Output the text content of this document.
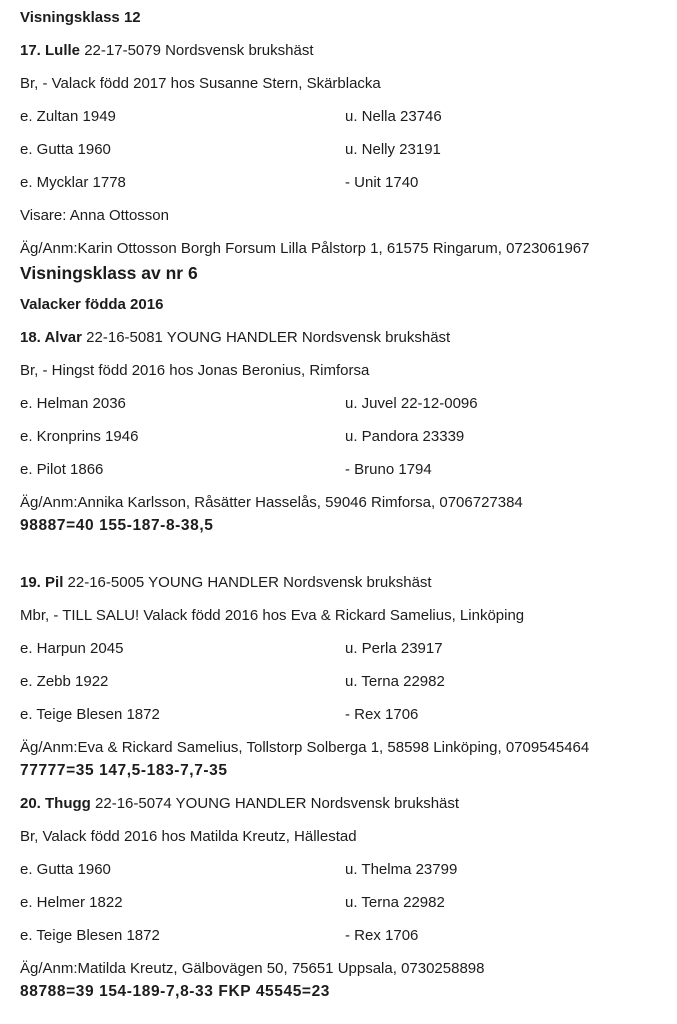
Visningsklass 12

17. Lulle 22-17-5079 Nordsvensk brukshäst

Br, - Valack född 2017 hos Susanne Stern, Skärblacka

e. Zultan 1949	u. Nella 23746
e. Gutta 1960	u. Nelly 23191
e. Mycklar 1778	- Unit 1740

Visare: Anna Ottosson

Äg/Anm:Karin Ottosson Borgh Forsum Lilla Pålstorp 1, 61575 Ringarum, 0723061967

Visningsklass av nr 6

Valacker födda 2016

18. Alvar 22-16-5081 YOUNG HANDLER Nordsvensk brukshäst

Br, - Hingst född 2016 hos Jonas Beronius, Rimforsa

e. Helman 2036	u. Juvel 22-12-0096
e. Kronprins 1946	u. Pandora 23339
e. Pilot 1866	- Bruno 1794

Äg/Anm:Annika Karlsson, Råsätter Hasselås, 59046 Rimforsa, 0706727384

98887=40 155-187-8-38,5

19. Pil 22-16-5005 YOUNG HANDLER Nordsvensk brukshäst

Mbr, - TILL SALU! Valack född 2016 hos Eva & Rickard Samelius, Linköping

e. Harpun 2045	u. Perla 23917
e. Zebb 1922	u. Terna 22982
e. Teige Blesen 1872	- Rex 1706

Äg/Anm:Eva & Rickard Samelius, Tollstorp Solberga 1, 58598 Linköping, 0709545464

77777=35 147,5-183-7,7-35

20. Thugg 22-16-5074 YOUNG HANDLER Nordsvensk brukshäst

Br, Valack född 2016 hos Matilda Kreutz, Hällestad

e. Gutta 1960	u. Thelma 23799
e. Helmer 1822	u. Terna 22982
e. Teige Blesen 1872	- Rex 1706

Äg/Anm:Matilda Kreutz, Gälbovägen 50, 75651 Uppsala, 0730258898

88788=39 154-189-7,8-33 FKP 45545=23
